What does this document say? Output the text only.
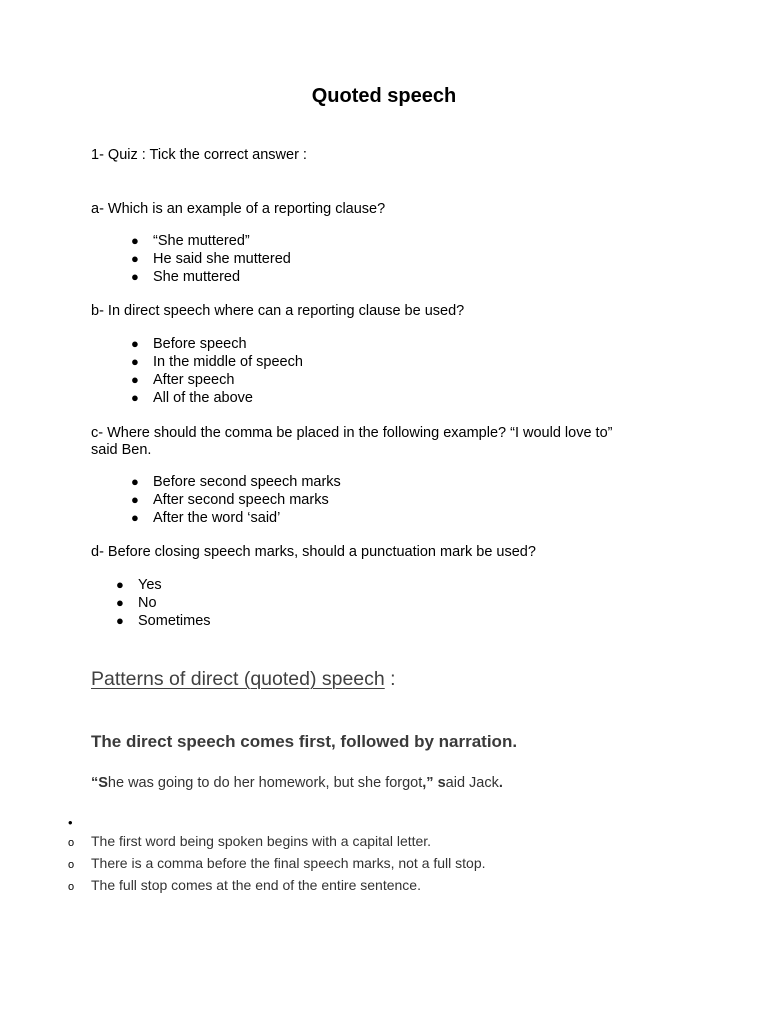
Quoted speech
1- Quiz : Tick the correct answer :
a- Which is an example of a reporting clause?
● “She muttered”
● He said she muttered
● She muttered
b- In direct speech where can a reporting clause be used?
● Before speech
● In the middle of speech
● After speech
● All of the above
c- Where should the comma be placed in the following example? “I would love to”
said Ben.
● Before second speech marks
● After second speech marks
● After the word ‘said’
d- Before closing speech marks, should a punctuation mark be used?
● Yes
● No
● Sometimes
Patterns of direct (quoted) speech :
The direct speech comes first, followed by narration.
“She was going to do her homework, but she forgot,” said Jack.
•
o The first word being spoken begins with a capital letter.
o There is a comma before the final speech marks, not a full stop.
o The full stop comes at the end of the entire sentence.
